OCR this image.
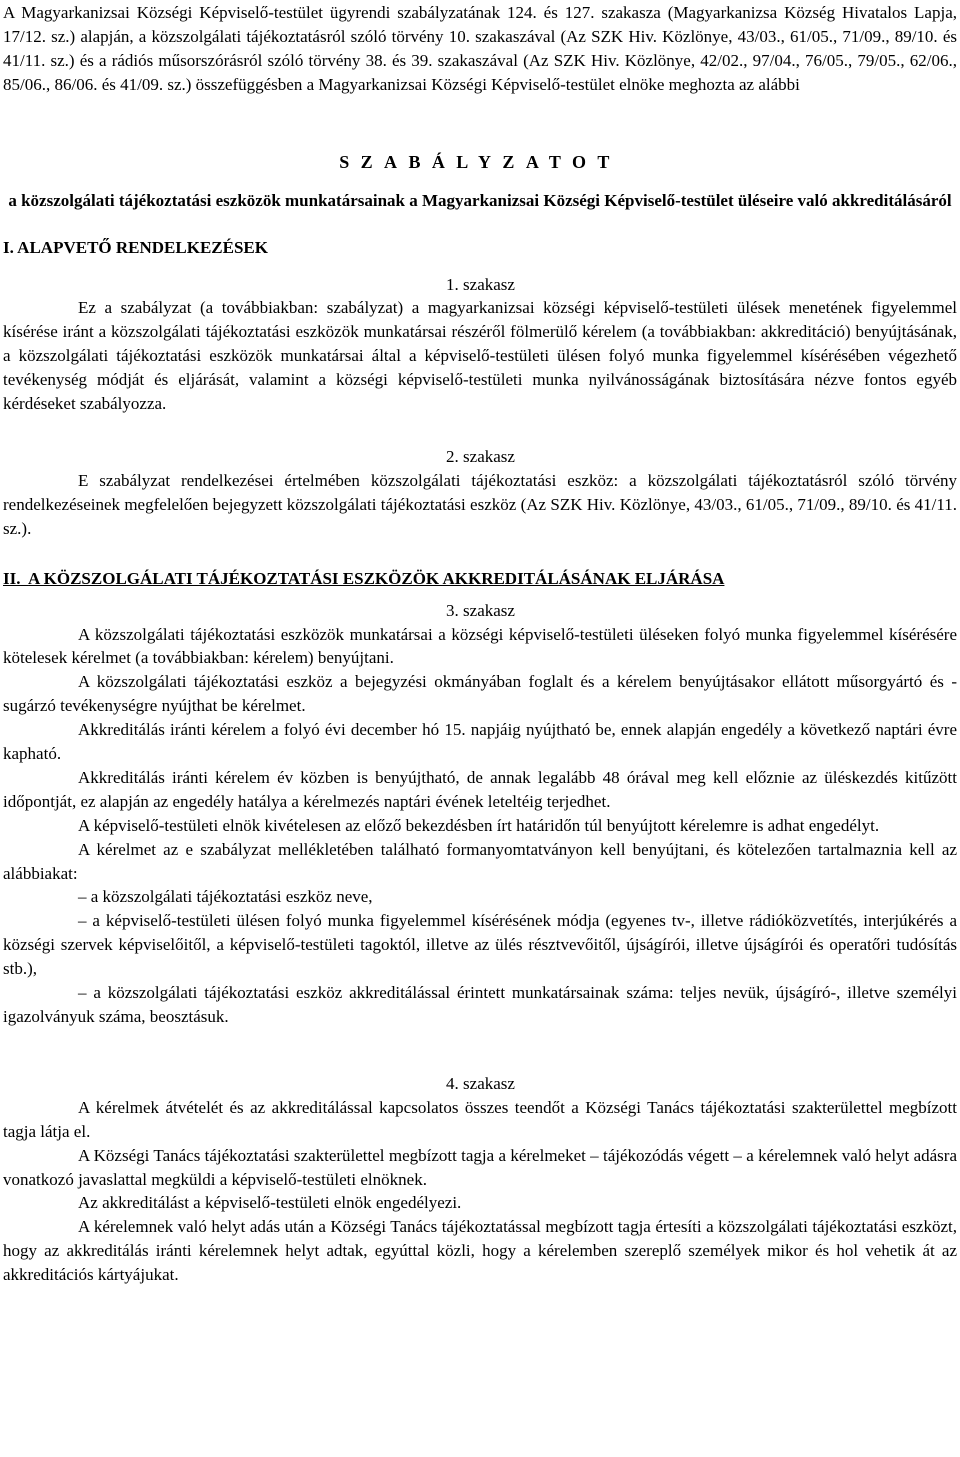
A Magyarkanizsai Községi Képviselő-testület ügyrendi szabályzatának 124. és 127. szakasza (Magyarkanizsa Község Hivatalos Lapja, 17/12. sz.) alapján, a közszolgálati tájékoztatásról szóló törvény 10. szakaszával (Az SZK Hiv. Közlönye, 43/03., 61/05., 71/09., 89/10. és 41/11. sz.) és a rádiós műsorszórásról szóló törvény 38. és 39. szakaszával (Az SZK Hiv. Közlönye, 42/02., 97/04., 76/05., 79/05., 62/06., 85/06., 86/06. és 41/09. sz.) összefüggésben a Magyarkanizsai Községi Képviselő-testület elnöke meghozta az alábbi

SZABÁLYZATOT
a közszolgálati tájékoztatási eszközök munkatársainak a Magyarkanizsai Községi Képviselő-testület üléseire való akkreditálásáról
I. ALAPVETŐ RENDELKEZÉSEK
1. szakasz

Ez a szabályzat (a továbbiakban: szabályzat) a magyarkanizsai községi képviselő-testületi ülések menetének figyelemmel kísérése iránt a közszolgálati tájékoztatási eszközök munkatársai részéről fölmerülő kérelem (a továbbiakban: akkreditáció) benyújtásának, a közszolgálati tájékoztatási eszközök munkatársai által a képviselő-testületi ülésen folyó munka figyelemmel kísérésében végezhető tevékenység módját és eljárását, valamint a községi képviselő-testületi munka nyilvánosságának biztosítására nézve fontos egyéb kérdéseket szabályozza.

2. szakasz

E szabályzat rendelkezései értelmében közszolgálati tájékoztatási eszköz: a közszolgálati tájékoztatásról szóló törvény rendelkezéseinek megfelelően bejegyzett közszolgálati tájékoztatási eszköz (Az SZK Hiv. Közlönye, 43/03., 61/05., 71/09., 89/10. és 41/11. sz.).

II. A KÖZSZOLGÁLATI TÁJÉKOZTATÁSI ESZKÖZÖK AKKREDITÁLÁSÁNAK ELJÁRÁSA
3. szakasz

A közszolgálati tájékoztatási eszközök munkatársai a községi képviselő-testületi üléseken folyó munka figyelemmel kísérésére kötelesek kérelmet (a továbbiakban: kérelem) benyújtani.

A közszolgálati tájékoztatási eszköz a bejegyzési okmányában foglalt és a kérelem benyújtásakor ellátott műsorgyártó és -sugárzó tevékenységre nyújthat be kérelmet.

Akkreditálás iránti kérelem a folyó évi december hó 15. napjáig nyújtható be, ennek alapján engedély a következő naptári évre kapható.

Akkreditálás iránti kérelem év közben is benyújtható, de annak legalább 48 órával meg kell előznie az üléskezdés kitűzött időpontját, ez alapján az engedély hatálya a kérelmezés naptári évének leteltéig terjedhet.

A képviselő-testületi elnök kivételesen az előző bekezdésben írt határidőn túl benyújtott kérelemre is adhat engedélyt.

A kérelmet az e szabályzat mellékletében található formanyomtatványon kell benyújtani, és kötelezően tartalmaznia kell az alábbiakat:

– a közszolgálati tájékoztatási eszköz neve,

– a képviselő-testületi ülésen folyó munka figyelemmel kísérésének módja (egyenes tv-, illetve rádióközvetítés, interjúkérés a községi szervek képviselőitől, a képviselő-testületi tagoktól, illetve az ülés résztvevőitől, újságírói, illetve újságírói és operatőri tudósítás stb.),

– a közszolgálati tájékoztatási eszköz akkreditálással érintett munkatársainak száma: teljes nevük, újságíró-, illetve személyi igazolványuk száma, beosztásuk.

4. szakasz

A kérelmek átvételét és az akkreditálással kapcsolatos összes teendőt a Községi Tanács tájékoztatási szakterülettel megbízott tagja látja el.

A Községi Tanács tájékoztatási szakterülettel megbízott tagja a kérelmeket – tájékozódás végett – a kérelemnek való helyt adásra vonatkozó javaslattal megküldi a képviselő-testületi elnöknek.

Az akkreditálást a képviselő-testületi elnök engedélyezi.

A kérelemnek való helyt adás után a Községi Tanács tájékoztatással megbízott tagja értesíti a közszolgálati tájékoztatási eszközt, hogy az akkreditálás iránti kérelemnek helyt adtak, egyúttal közli, hogy a kérelemben szereplő személyek mikor és hol vehetik át az akkreditációs kártyájukat.
